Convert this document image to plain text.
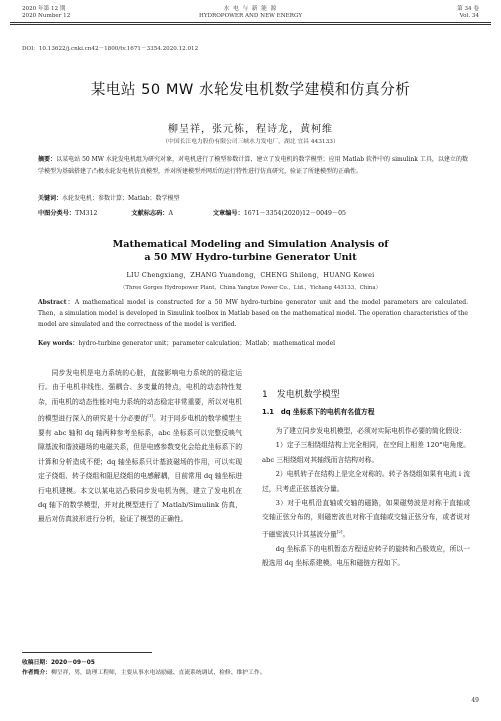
2020 年第 12 期
2020 Number 12
水 电 与 新 能 源
HYDROPOWER AND NEW ENERGY
第 34 卷
Vol. 34
DOI：10.13622/j.cnki.cn42－1800/tv.1671－3354.2020.12.012
某电站 50 MW 水轮发电机数学建模和仿真分析
柳呈祥，张元栋，程诗龙，黄柯维
（中国长江电力股份有限公司三峡水力发电厂，湖北 宜昌 443133）
摘要：以某电站 50 MW 水轮发电机组为研究对象，对电机进行了模型参数计算，建立了发电机的数学模型；应用 Matlab 软件中的 simulink 工具，以建立的数学模型为基础搭建了凸极水轮发电机仿真模型，并对所建模型并网后的运行特性进行仿真研究，验证了所建模型的正确性。
关键词：水轮发电机；参数计算；Matlab；数学模型
中图分类号：TM312	文献标志码：A	文章编号：1671－3354(2020)12－0049－05
Mathematical Modeling and Simulation Analysis of
a 50 MW Hydro-turbine Generator Unit
LIU Chengxiang，ZHANG Yuandong，CHENG Shilong，HUANG Kewei
（Three Gorges Hydropower Plant，China Yangtze Power Co.，Ltd.，Yichang 443133，China）
Abstract：A mathematical model is constructed for a 50 MW hydro-turbine generator unit and the model parameters are calculated. Then，a simulation model is developed in Simulink toolbox in Matlab based on the mathematical model. The operation characteristics of the model are simulated and the correctness of the model is verified.
Key words：hydro-turbine generator unit；parameter calculation；Matlab；mathematical model
同步发电机是电力系统的心脏，直接影响电力系统的的稳定运行。由于电机非线性、强耦合、多变量的特点，电机的动态特性复杂，而电机的动态性能对电力系统的动态稳定非常重要，所以对电机的模型进行深入的研究是十分必要的[1]。对于同步电机的数学模型主要有 abc 轴和 dq 轴两种参考坐标系，abc 坐标系可以完整反映气隙基波和谐波磁场的电磁关系，但是电感参数变化会给此坐标系下的计算和分析造成不便；dq 轴坐标系只计基波磁场的作用，可以实现定子绕组、转子绕组和阻尼绕组的电感解耦，目前常用 dq 轴坐标进行电机建模。本文以某电站凸极同步发电机为例，建立了发电机在 dq 轴下的数学模型，并对此模型进行了 Matlab/Simulink 仿真，最后对仿真波形进行分析，验证了模型的正确性。
1　发电机数学模型
1.1　dq 坐标系下的电机有名值方程

为了建立同步发电机模型，必须对实际电机作必要的简化假设：

1）定子三相绕组结构上完全相同，在空间上相差 120°电角度。abc 三相绕组对其轴线而言结构对称。

2）电机转子在结构上是完全对称的。转子各绕组如果有电流 i 流过，只考虑正弦基波分量。

3）对于电机沿直轴或交轴的磁路，如果磁势波是对称于直轴或交轴正弦分布的，则磁密波也对称于直轴或交轴正弦分布，或者说对于磁密波只计其基波分量[2]。

dq 坐标系下的电机暂态方程适应转子的旋转和凸极效应，所以一般选用 dq 坐标系建模。电压和磁链方程如下。

收稿日期：2020－09－05
作者简介：柳呈祥，男，助理工程师，主要从事水电站励磁、直流系统调试、检修、维护工作。
49
